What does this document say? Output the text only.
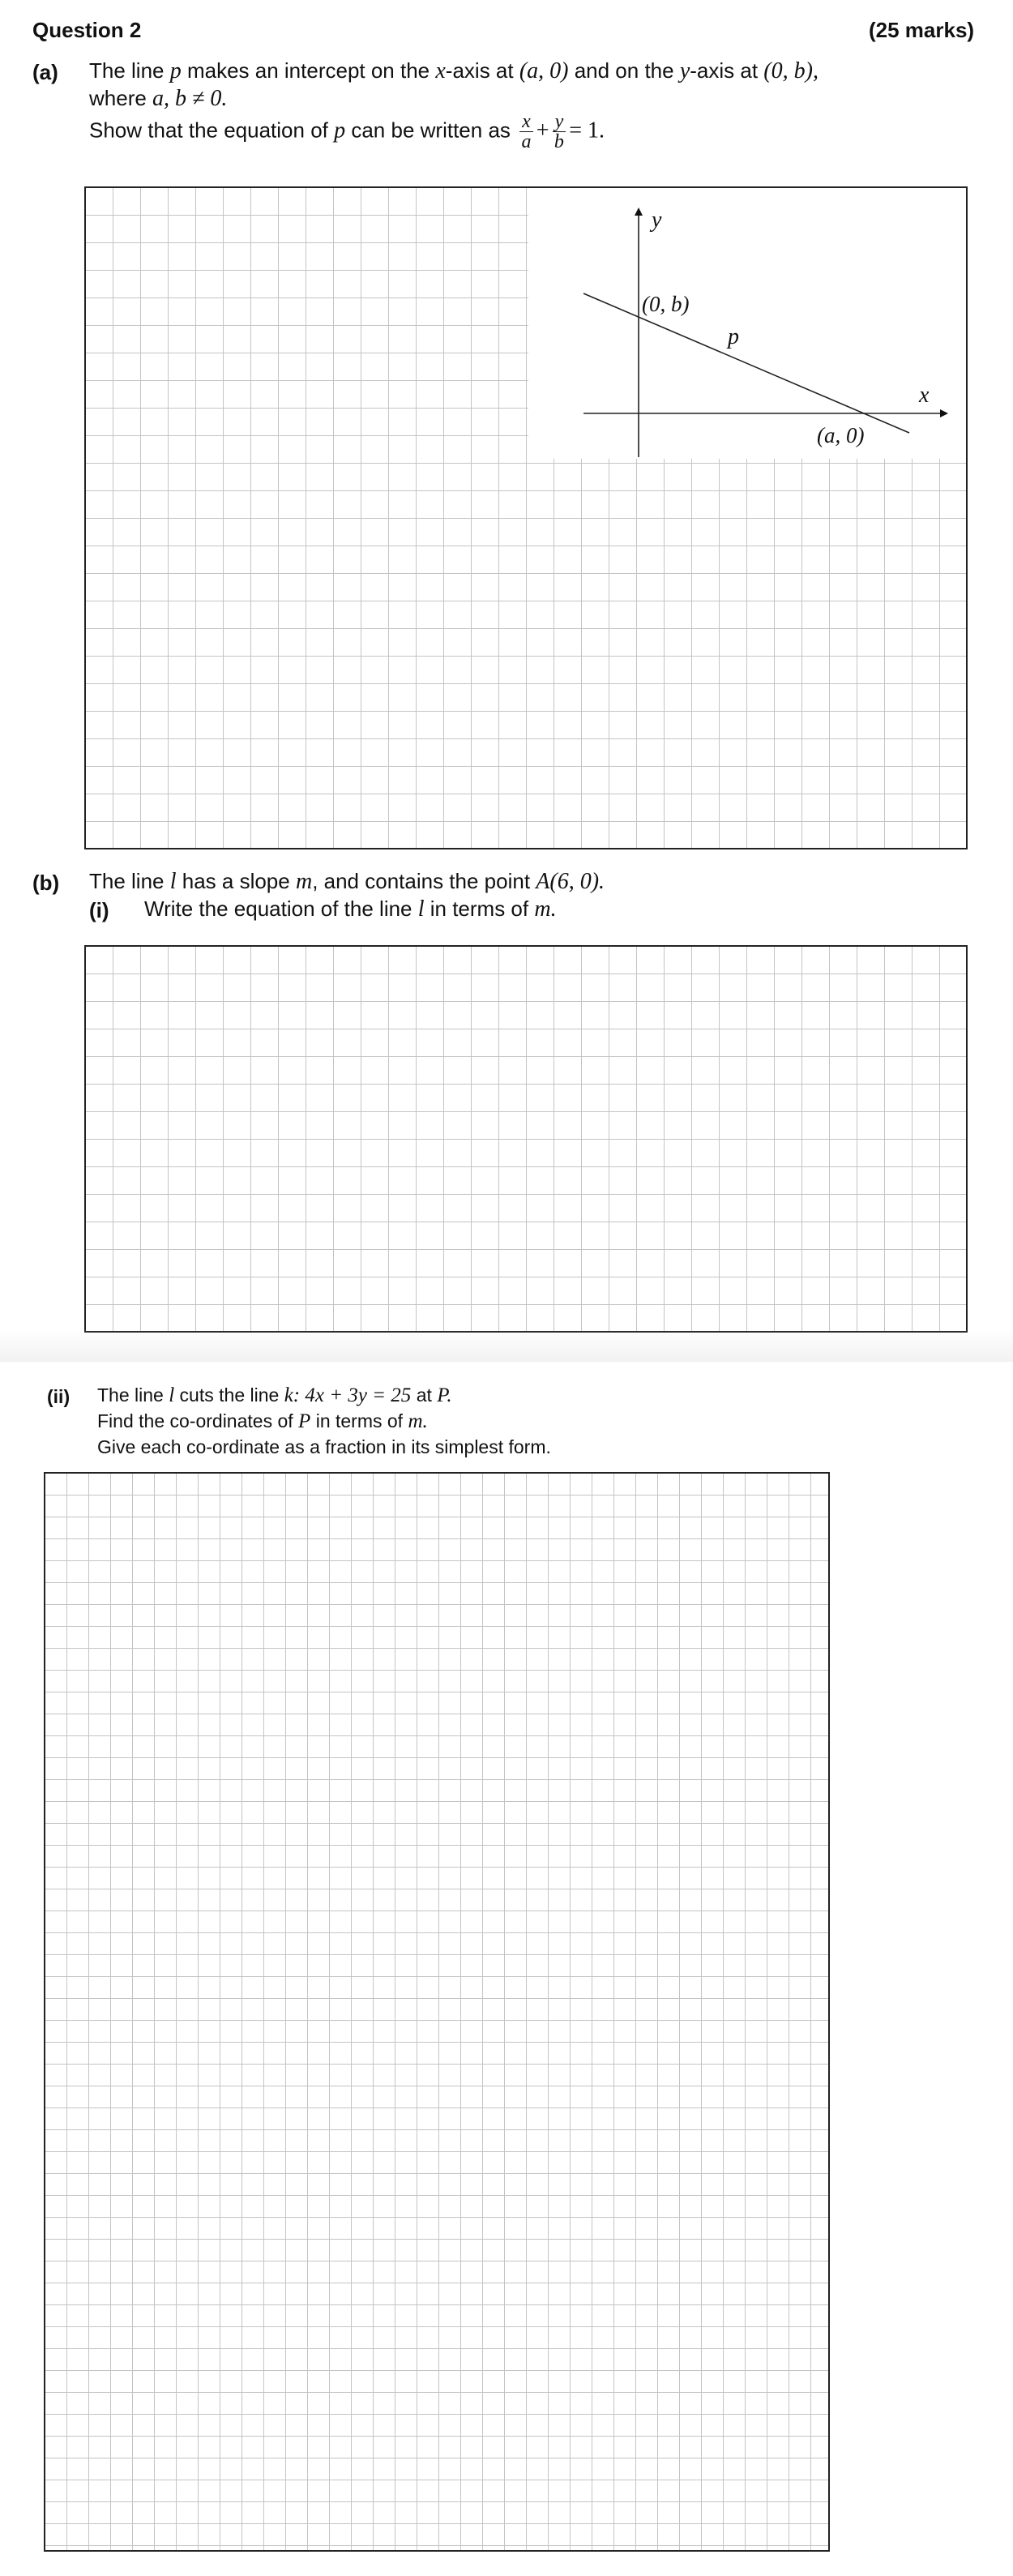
Question 2	(25 marks)
(a) The line p makes an intercept on the x-axis at (a, 0) and on the y-axis at (0, b),
where a, b ≠ 0.
Show that the equation of p can be written as $\frac{x}{a} + \frac{y}{b} = 1$.
y
x
p
(0, b)
(a, 0)
(b) The line l has a slope m, and contains the point A(6, 0).
(i) Write the equation of the line l in terms of m.
(ii) The line l cuts the line k: 4x + 3y = 25 at P.
Find the co-ordinates of P in terms of m.
Give each co-ordinate as a fraction in its simplest form.
